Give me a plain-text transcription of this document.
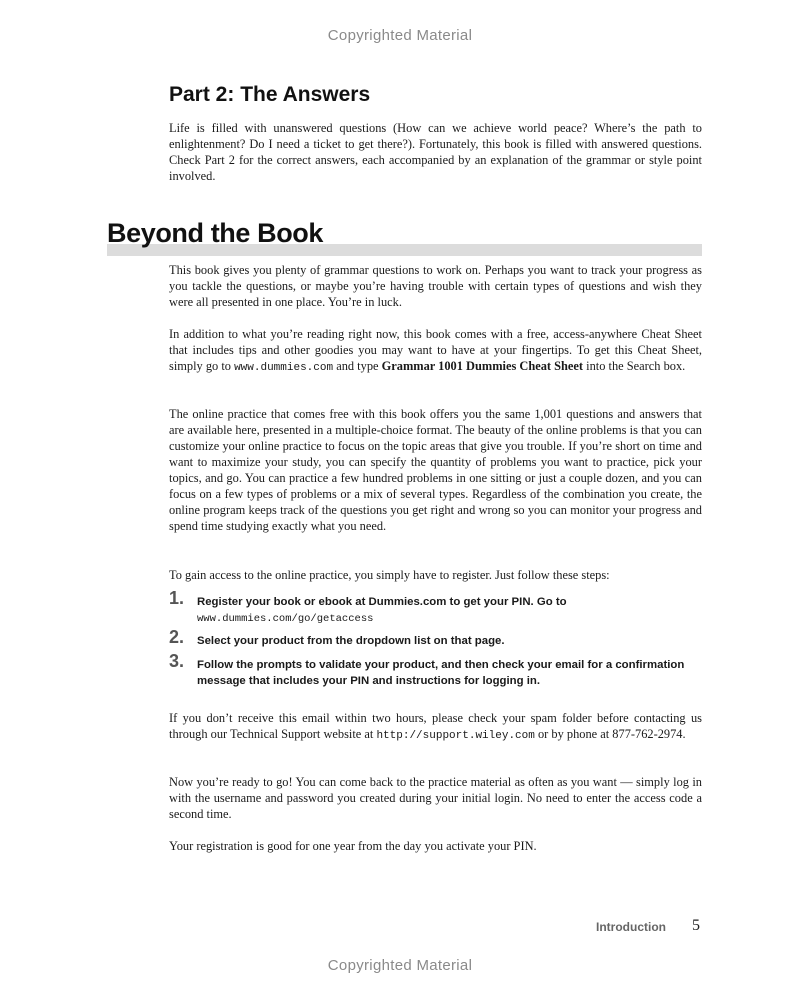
Copyrighted Material
Part 2: The Answers

Life is filled with unanswered questions (How can we achieve world peace? Where’s the path to enlightenment? Do I need a ticket to get there?). Fortunately, this book is filled with answered questions. Check Part 2 for the correct answers, each accompanied by an explanation of the grammar or style point involved.

Beyond the Book

This book gives you plenty of grammar questions to work on. Perhaps you want to track your progress as you tackle the questions, or maybe you’re having trouble with certain types of questions and wish they were all presented in one place. You’re in luck.

In addition to what you’re reading right now, this book comes with a free, access-anywhere Cheat Sheet that includes tips and other goodies you may want to have at your fingertips. To get this Cheat Sheet, simply go to www.dummies.com and type Grammar 1001 Dummies Cheat Sheet into the Search box.

The online practice that comes free with this book offers you the same 1,001 questions and answers that are available here, presented in a multiple-choice format. The beauty of the online problems is that you can customize your online practice to focus on the topic areas that give you trouble. If you’re short on time and want to maximize your study, you can specify the quantity of problems you want to practice, pick your topics, and go. You can practice a few hundred problems in one sitting or just a couple dozen, and you can focus on a few types of problems or a mix of several types. Regardless of the combination you create, the online program keeps track of the questions you get right and wrong so you can monitor your progress and spend time studying exactly what you need.

To gain access to the online practice, you simply have to register. Just follow these steps:

1. Register your book or ebook at Dummies.com to get your PIN. Go to www.dummies.com/go/getaccess
2. Select your product from the dropdown list on that page.
3. Follow the prompts to validate your product, and then check your email for a confirmation message that includes your PIN and instructions for logging in.

If you don’t receive this email within two hours, please check your spam folder before contacting us through our Technical Support website at http://support.wiley.com or by phone at 877-762-2974.

Now you’re ready to go! You can come back to the practice material as often as you want — simply log in with the username and password you created during your initial login. No need to enter the access code a second time.

Your registration is good for one year from the day you activate your PIN.

Introduction 5
Copyrighted Material
